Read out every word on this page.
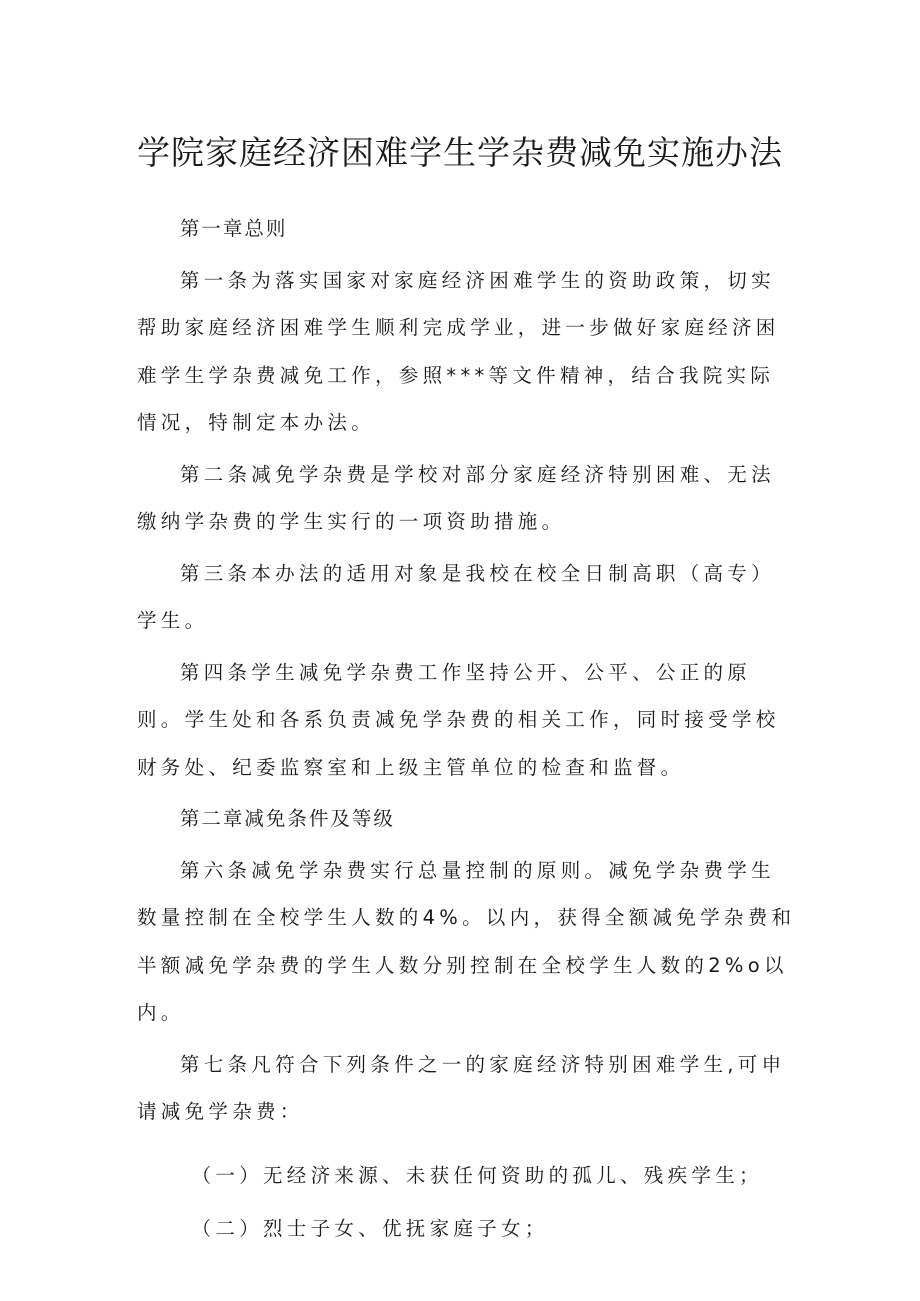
学院家庭经济困难学生学杂费减免实施办法

第一章总则

第一条为落实国家对家庭经济困难学生的资助政策，切实帮助家庭经济困难学生顺利完成学业，进一步做好家庭经济困难学生学杂费减免工作，参照***等文件精神，结合我院实际情况，特制定本办法。

第二条减免学杂费是学校对部分家庭经济特别困难、无法缴纳学杂费的学生实行的一项资助措施。

第三条本办法的适用对象是我校在校全日制高职（高专）学生。

第四条学生减免学杂费工作坚持公开、公平、公正的原则。学生处和各系负责减免学杂费的相关工作，同时接受学校财务处、纪委监察室和上级主管单位的检查和监督。

第二章减免条件及等级

第六条减免学杂费实行总量控制的原则。减免学杂费学生数量控制在全校学生人数的4%。以内，获得全额减免学杂费和半额减免学杂费的学生人数分别控制在全校学生人数的2%o以内。

第七条凡符合下列条件之一的家庭经济特别困难学生,可申请减免学杂费：

（一）无经济来源、未获任何资助的孤儿、残疾学生；

（二）烈士子女、优抚家庭子女；
